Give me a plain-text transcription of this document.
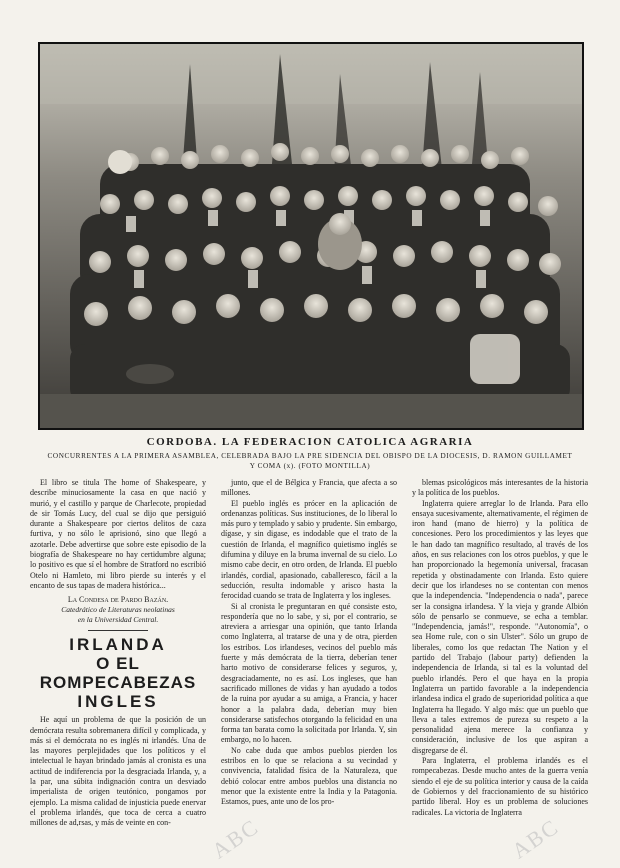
CORDOBA. LA FEDERACION CATOLICA AGRARIA
CONCURRENTES A LA PRIMERA ASAMBLEA, CELEBRADA BAJO LA PRE SIDENCIA DEL OBISPO DE LA DIOCESIS, D. RAMON GUILLAMET
Y COMA (x). (FOTO MONTILLA)

El libro se titula The home of Shakespeare, y describe minuciosamente la casa en que nació y murió, y el castillo y parque de Charlecote, propiedad de sir Tomás Lucy, del cual se dijo que persiguió durante a Shakespeare por ciertos delitos de caza furtiva, y no sólo le aprisionó, sino que llegó a azotarle. Debe advertirse que sobre este episodio de la biografía de Shakespeare no hay certidumbre alguna; lo positivo es que sí el hombre de Stratford no escribió Otelo ni Hamleto, mi libro pierde su interés y el encanto de sus tapas de madera histórica...

La Condesa de Pardo Bazán.
Catedrático de Literaturas neolatinas
en la Universidad Central.
IRLANDA
O EL ROMPECABEZAS
INGLES

He aquí un problema de que la posición de un demócrata resulta sobremanera difícil y complicada, y más si el demócrata no es inglés ni irlandés. Una de las mayores perplejidades que los políticos y el intelectual le hayan brindado jamás al cronista es una actitud de indiferencia por la desgraciada Irlanda, y, a la par, una súbita indignación contra un desviado imperialista de origen teutónico, pongamos por ejemplo. La misma calidad de injusticia puede enervar el problema irlandés, que toca de cerca a cuatro millones de ad,rsas, y más de veinte en con-

junto, que el de Bélgica y Francia, que afecta a so millones.

El pueblo inglés es prócer en la aplicación de ordenanzas políticas. Sus instituciones, de lo liberal lo más puro y templado y sabio y prudente. Sin embargo, dígase, y sin digase, es indodable que el trato de la cuestión de Irlanda, el magnífico quietismo inglés se difumina y diluye en la bruma invernal de su cielo. Lo mismo cabe decir, en otro orden, de Irlanda. El pueblo irlandés, cordial, apasionado, caballeresco, fácil a la seducción, resulta indomable y arisco hasta la ferocidad cuando se trata de Inglaterra y los ingleses.

Si al cronista le preguntaran en qué consiste esto, respondería que no lo sabe, y si, por el contrario, se atreviera a arriesgar una opinión, que tanto Irlanda como Inglaterra, al tratarse de una y de otra, pierden los estribos. Los irlandeses, vecinos del pueblo más fuerte y más demócrata de la tierra, deberían tener harto motivo de considerarse felices y seguros, y, desgraciadamente, no es así. Los ingleses, que han sacrificado millones de vidas y han ayudado a todos de la ruina por ayudar a su amiga, a Francia, y hacer honor a la palabra dada, deberían muy bien considerarse satisfechos otorgando la felicidad en una forma tan barata como la solicitada por Irlanda. Y, sin embargo, no lo hacen.

No cabe duda que ambos pueblos pierden los estribos en lo que se relaciona a su vecindad y convivencia, fatalidad física de la Naturaleza, que debió colocar entre ambos pueblos una distancia no menor que la existente entre la India y la Patagonia. Estamos, pues, ante uno de los pro-

blemas psicológicos más interesantes de la historia y la política de los pueblos.

Inglaterra quiere arreglar lo de Irlanda. Para ello ensaya sucesivamente, alternativamente, el régimen de iron hand (mano de hierro) y la política de concesiones. Pero los procedimientos y las leyes que le han dado tan magnífico resultado, al través de los años, en sus relaciones con los otros pueblos, y que le han proporcionado la hegemonía universal, fracasan repetida y obstinadamente con Irlanda. Esto quiere decir que los irlandeses no se contentan con menos que la independencia. "Independencia o nada", parece ser la consigna irlandesa. Y la vieja y grande Albión sólo de pensarlo se conmueve, se echa a temblar. "Independencia, jamás!", responde. "Autonomía", o sea Home rule, con o sin Ulster". Sólo un grupo de liberales, como los que redactan The Nation y el partido del Trabajo (labour party) defienden la independencia de Irlanda, si tal es la voluntad del pueblo irlandés. Pero el que haya en la propia Inglaterra un partido favorable a la independencia irlandesa indica el grado de superioridad política a que Inglaterra ha llegado. Y algo más: que un pueblo que lleva a tales extremos de pureza su respeto a la personalidad ajena merece la confianza y consideración, inclusive de los que aspiran a disgregarse de él.

Para Inglaterra, el problema irlandés es el rompecabezas. Desde mucho antes de la guerra venía siendo el eje de su política interior y causa de la caída de Gobiernos y del fraccionamiento de su histórico partido liberal. Hoy es un problema de soluciones radicales. La victoria de Inglaterra

ABC	ABC
